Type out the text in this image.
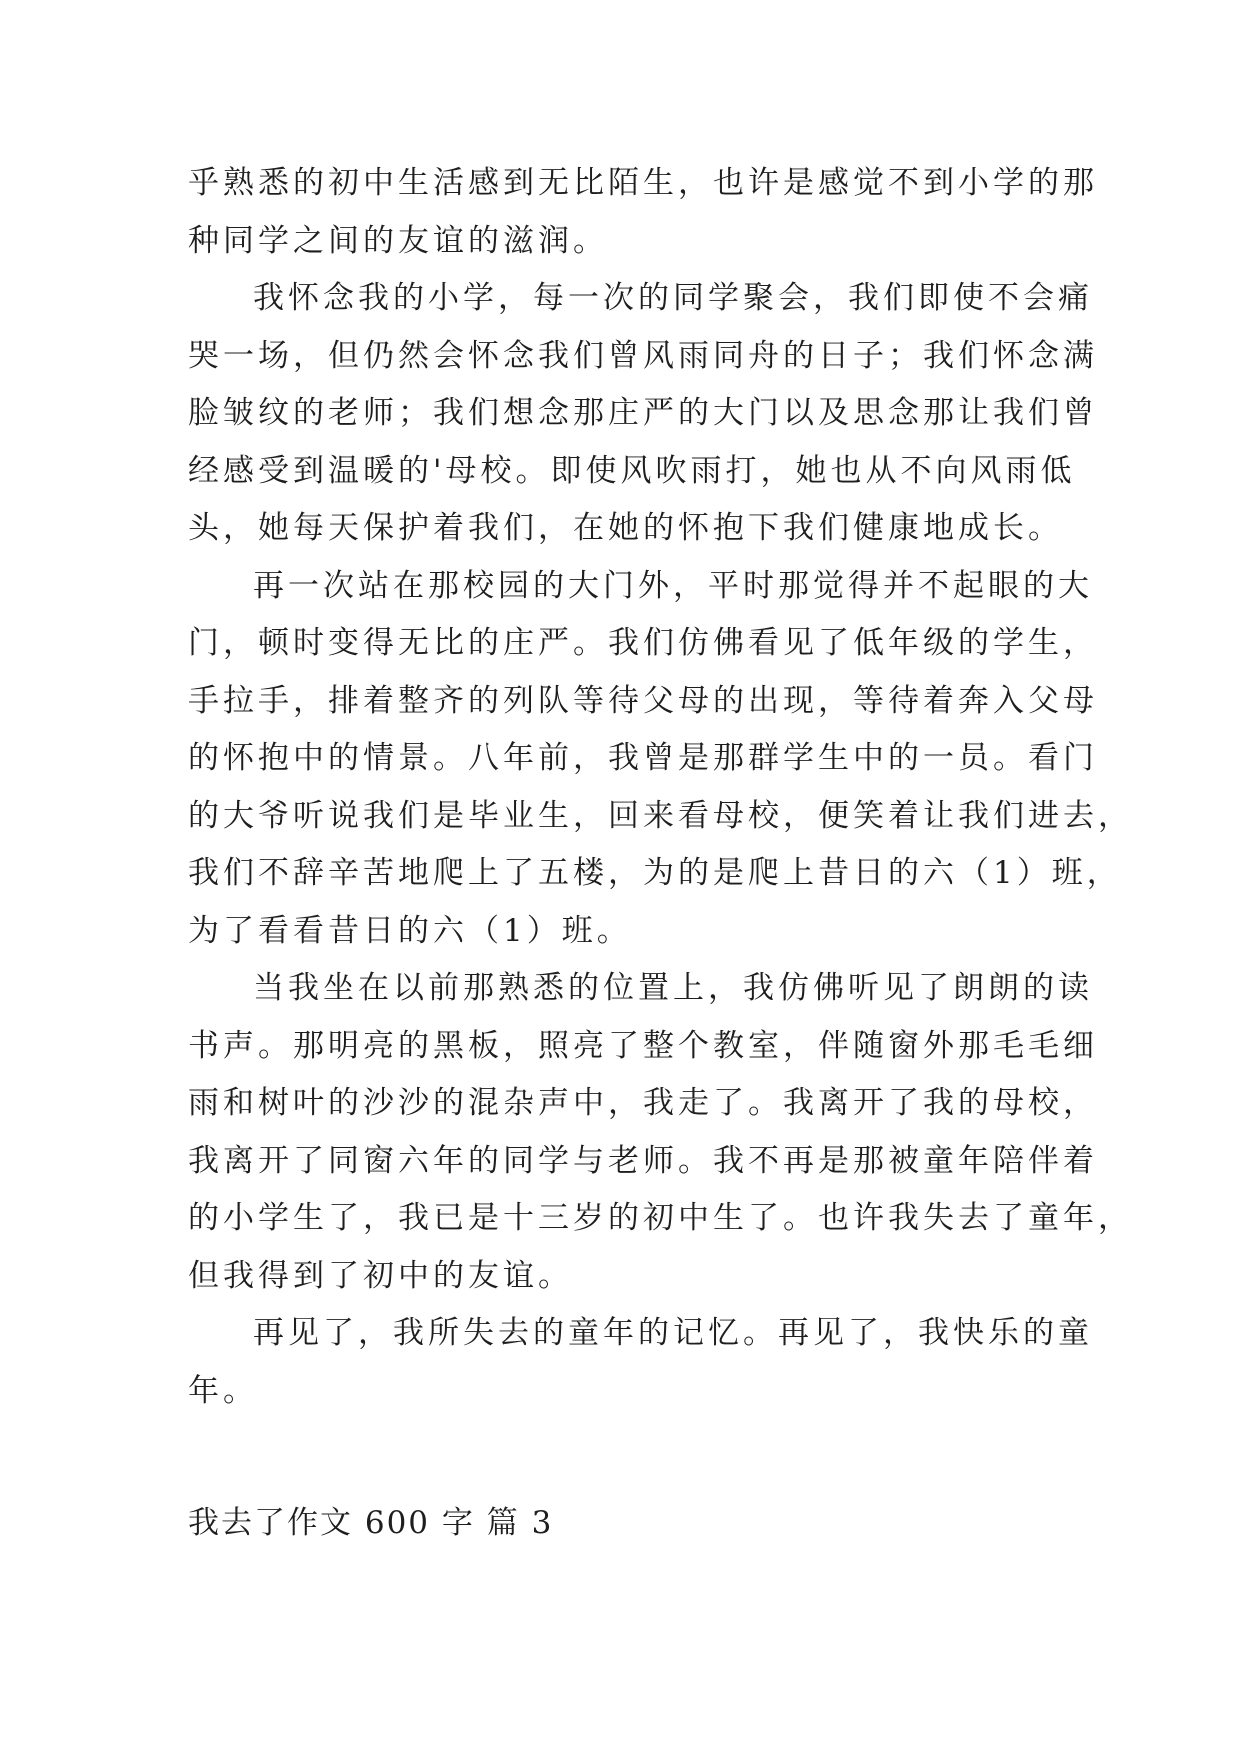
乎熟悉的初中生活感到无比陌生，也许是感觉不到小学的那
种同学之间的友谊的滋润。
我怀念我的小学，每一次的同学聚会，我们即使不会痛
哭一场，但仍然会怀念我们曾风雨同舟的日子；我们怀念满
脸皱纹的老师；我们想念那庄严的大门以及思念那让我们曾
经感受到温暖的'母校。即使风吹雨打，她也从不向风雨低
头，她每天保护着我们，在她的怀抱下我们健康地成长。
再一次站在那校园的大门外，平时那觉得并不起眼的大
门，顿时变得无比的庄严。我们仿佛看见了低年级的学生，
手拉手，排着整齐的列队等待父母的出现，等待着奔入父母
的怀抱中的情景。八年前，我曾是那群学生中的一员。看门
的大爷听说我们是毕业生，回来看母校，便笑着让我们进去，
我们不辞辛苦地爬上了五楼，为的是爬上昔日的六（1）班，
为了看看昔日的六（1）班。
当我坐在以前那熟悉的位置上，我仿佛听见了朗朗的读
书声。那明亮的黑板，照亮了整个教室，伴随窗外那毛毛细
雨和树叶的沙沙的混杂声中，我走了。我离开了我的母校，
我离开了同窗六年的同学与老师。我不再是那被童年陪伴着
的小学生了，我已是十三岁的初中生了。也许我失去了童年，
但我得到了初中的友谊。
再见了，我所失去的童年的记忆。再见了，我快乐的童
年。
我去了作文 600 字 篇 3
